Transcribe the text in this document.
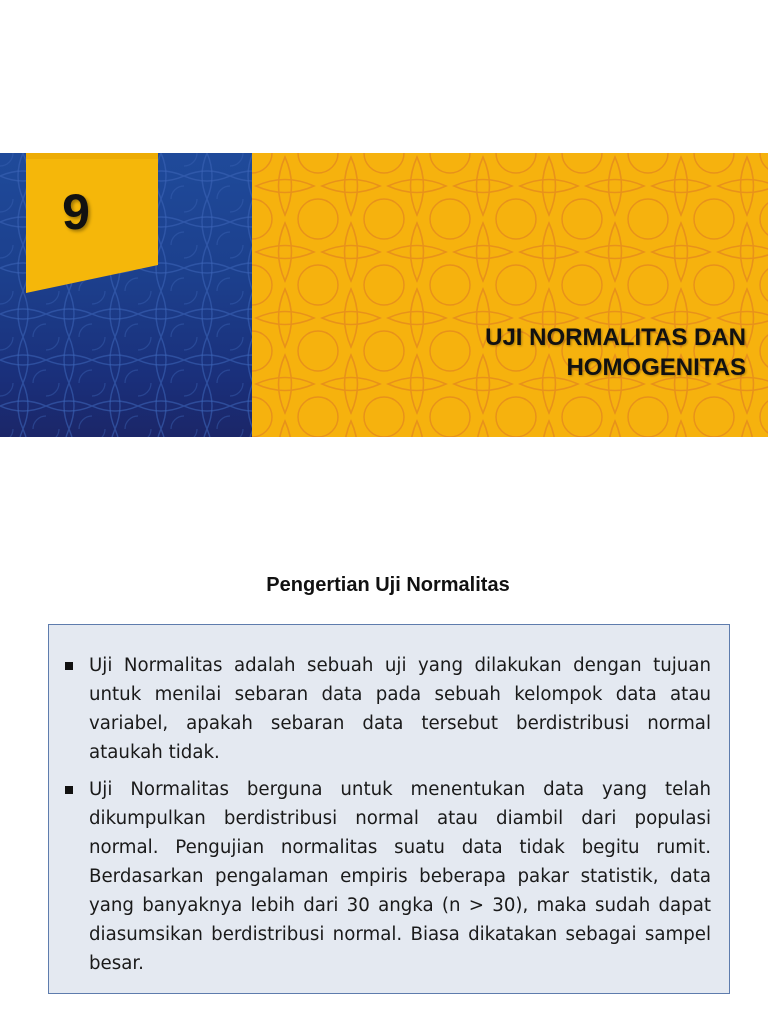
9
UJI NORMALITAS DAN
HOMOGENITAS
Pengertian Uji Normalitas
Uji Normalitas adalah sebuah uji yang dilakukan dengan tujuan untuk menilai sebaran data pada sebuah kelompok data atau variabel, apakah sebaran data tersebut berdistribusi normal ataukah tidak.
Uji Normalitas berguna untuk menentukan data yang telah dikumpulkan berdistribusi normal atau diambil dari populasi normal. Pengujian normalitas suatu data tidak begitu rumit. Berdasarkan pengalaman empiris beberapa pakar statistik, data yang banyaknya lebih dari 30 angka (n > 30), maka sudah dapat diasumsikan berdistribusi normal. Biasa dikatakan sebagai sampel besar.
